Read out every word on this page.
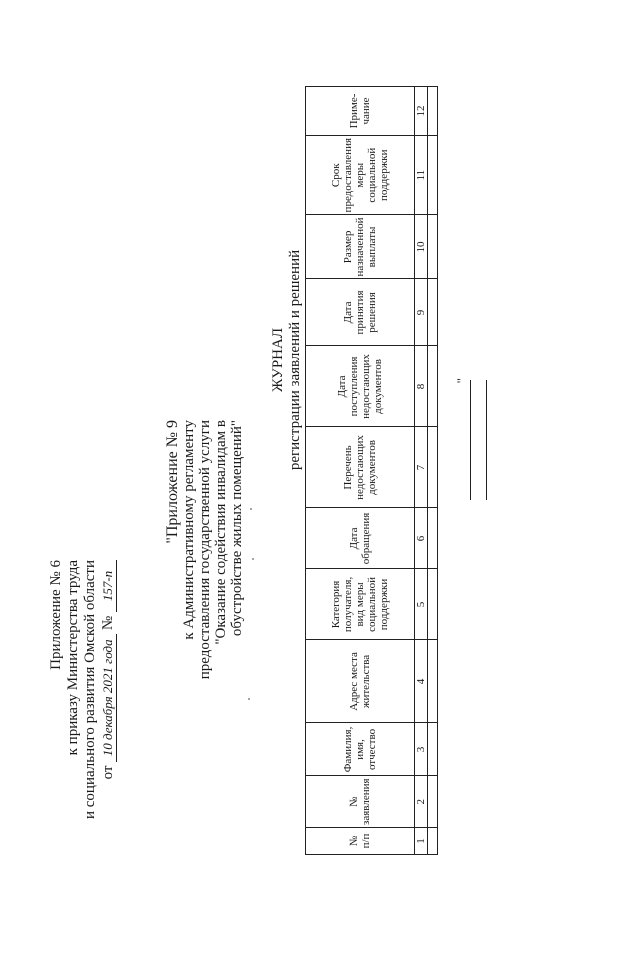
Приложение № 6 к приказу Министерства труда и социального развития Омской области от 10 декабря 2021 года № 157-п
"Приложение № 9 к Административному регламенту предоставления государственной услуги "Оказание содействия инвалидам в обустройстве жилых помещений"
ЖУРНАЛ регистрации заявлений и решений
№ п/п	№ заявления	Фамилия, имя, отчество	Адрес места жительства	Категория получателя, вид меры социальной поддержки	Дата обращения	Перечень недостающих документов	Дата поступления недостающих документов	Дата принятия решения	Размер назначенной выплаты	Срок предоставления меры социальной поддержки	Приме-чание
1	2	3	4	5	6	7	8	9	10	11	12

"
